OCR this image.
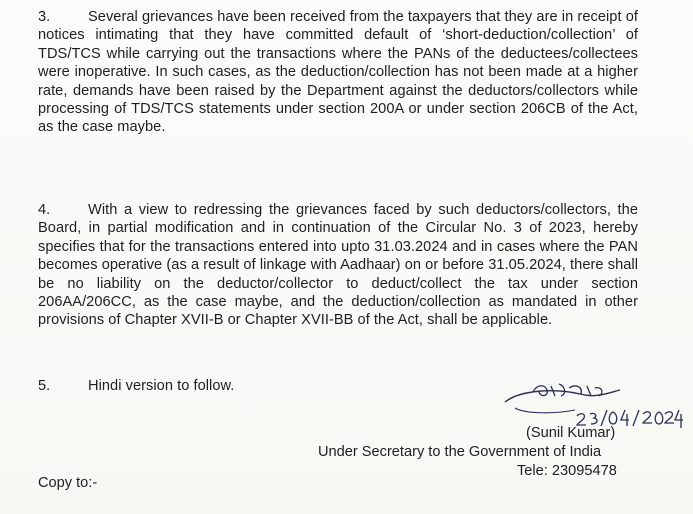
3.	Several grievances have been received from the taxpayers that they are in receipt of notices intimating that they have committed default of ‘short-deduction/collection’ of TDS/TCS while carrying out the transactions where the PANs of the deductees/collectees were inoperative. In such cases, as the deduction/collection has not been made at a higher rate, demands have been raised by the Department against the deductors/collectors while processing of TDS/TCS statements under section 200A or under section 206CB of the Act, as the case maybe.

4.	With a view to redressing the grievances faced by such deductors/collectors, the Board, in partial modification and in continuation of the Circular No. 3 of 2023, hereby specifies that for the transactions entered into upto 31.03.2024 and in cases where the PAN becomes operative (as a result of linkage with Aadhaar) on or before 31.05.2024, there shall be no liability on the deductor/collector to deduct/collect the tax under section 206AA/206CC, as the case maybe, and the deduction/collection as mandated in other provisions of Chapter XVII-B or Chapter XVII-BB of the Act, shall be applicable.

5.	Hindi version to follow.

(Sunil Kumar)
Under Secretary to the Government of India
Tele: 23095478
Copy to:-
